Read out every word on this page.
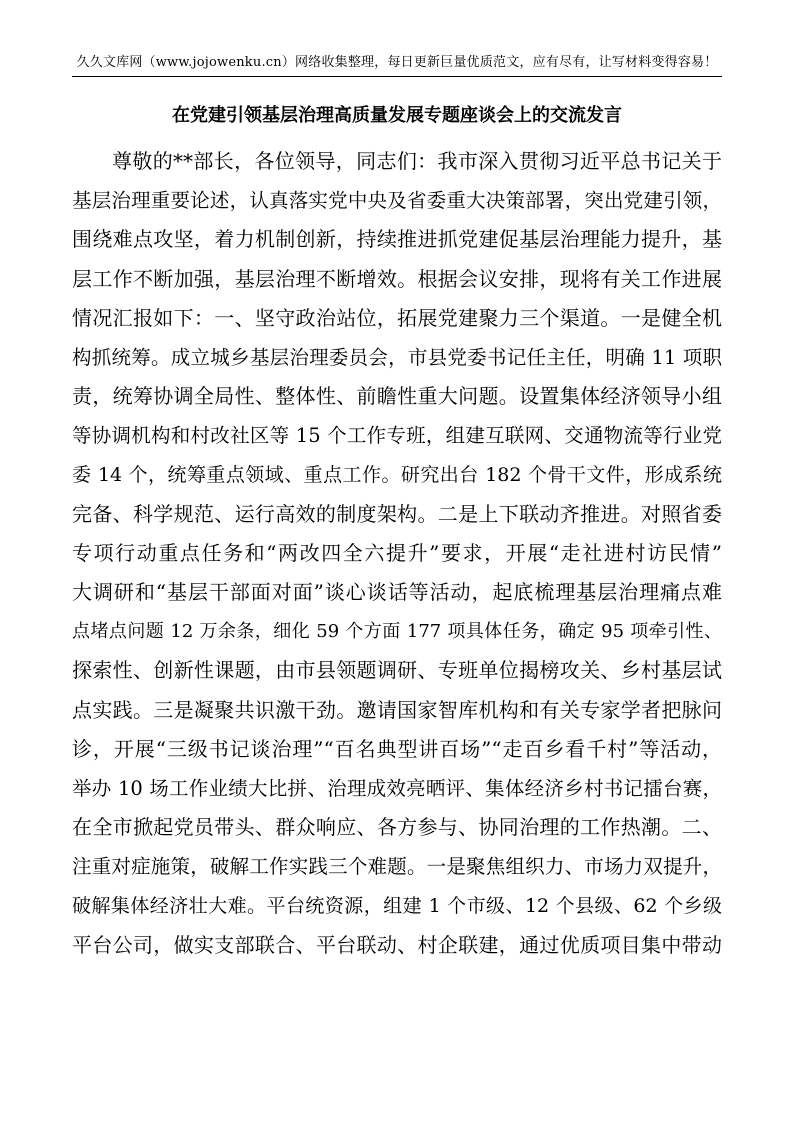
久久文库网（www.jojowenku.cn）网络收集整理，每日更新巨量优质范文，应有尽有，让写材料变得容易！
在党建引领基层治理高质量发展专题座谈会上的交流发言
尊敬的**部长，各位领导，同志们：我市深入贯彻习近平总书记关于
基层治理重要论述，认真落实党中央及省委重大决策部署，突出党建引领，
围绕难点攻坚，着力机制创新，持续推进抓党建促基层治理能力提升，基
层工作不断加强，基层治理不断增效。根据会议安排，现将有关工作进展
情况汇报如下：一、坚守政治站位，拓展党建聚力三个渠道。一是健全机
构抓统筹。成立城乡基层治理委员会，市县党委书记任主任，明确 11 项职
责，统筹协调全局性、整体性、前瞻性重大问题。设置集体经济领导小组
等协调机构和村改社区等 15 个工作专班，组建互联网、交通物流等行业党
委 14 个，统筹重点领域、重点工作。研究出台 182 个骨干文件，形成系统
完备、科学规范、运行高效的制度架构。二是上下联动齐推进。对照省委
专项行动重点任务和“两改四全六提升”要求，开展“走社进村访民情”
大调研和“基层干部面对面”谈心谈话等活动，起底梳理基层治理痛点难
点堵点问题 12 万余条，细化 59 个方面 177 项具体任务，确定 95 项牵引性、
探索性、创新性课题，由市县领题调研、专班单位揭榜攻关、乡村基层试
点实践。三是凝聚共识激干劲。邀请国家智库机构和有关专家学者把脉问
诊，开展“三级书记谈治理”“百名典型讲百场”“走百乡看千村”等活动，
举办 10 场工作业绩大比拼、治理成效亮晒评、集体经济乡村书记擂台赛，
在全市掀起党员带头、群众响应、各方参与、协同治理的工作热潮。二、
注重对症施策，破解工作实践三个难题。一是聚焦组织力、市场力双提升，
破解集体经济壮大难。平台统资源，组建 1 个市级、12 个县级、62 个乡级
平台公司，做实支部联合、平台联动、村企联建，通过优质项目集中带动
